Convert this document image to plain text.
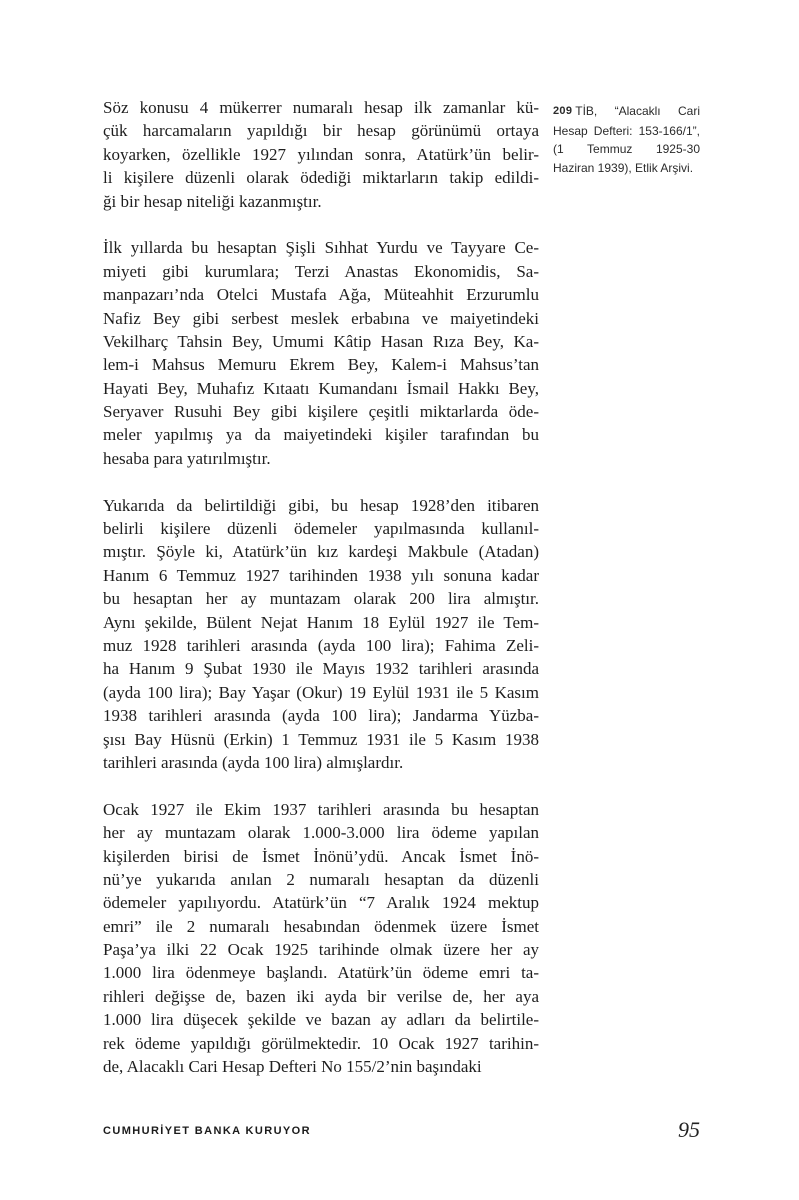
Söz konusu 4 mükerrer numaralı hesap ilk zamanlar kü-
çük harcamaların yapıldığı bir hesap görünümü ortaya
koyarken, özellikle 1927 yılından sonra, Atatürk’ün belir-
li kişilere düzenli olarak ödediği miktarların takip edildi-
ği bir hesap niteliği kazanmıştır.
İlk yıllarda bu hesaptan Şişli Sıhhat Yurdu ve Tayyare Ce-
miyeti gibi kurumlara; Terzi Anastas Ekonomidis, Sa-
manpazarı’nda Otelci Mustafa Ağa, Müteahhit Erzurumlu
Nafiz Bey gibi serbest meslek erbabına ve maiyetindeki
Vekilharç Tahsin Bey, Umumi Kâtip Hasan Rıza Bey, Ka-
lem-i Mahsus Memuru Ekrem Bey, Kalem-i Mahsus’tan
Hayati Bey, Muhafız Kıtaatı Kumandanı İsmail Hakkı Bey,
Seryaver Rusuhi Bey gibi kişilere çeşitli miktarlarda öde-
meler yapılmış ya da maiyetindeki kişiler tarafından bu
hesaba para yatırılmıştır.
Yukarıda da belirtildiği gibi, bu hesap 1928’den itibaren
belirli kişilere düzenli ödemeler yapılmasında kullanıl-
mıştır. Şöyle ki, Atatürk’ün kız kardeşi Makbule (Atadan)
Hanım 6 Temmuz 1927 tarihinden 1938 yılı sonuna kadar
bu hesaptan her ay muntazam olarak 200 lira almıştır.
Aynı şekilde, Bülent Nejat Hanım 18 Eylül 1927 ile Tem-
muz 1928 tarihleri arasında (ayda 100 lira); Fahima Zeli-
ha Hanım 9 Şubat 1930 ile Mayıs 1932 tarihleri arasında
(ayda 100 lira); Bay Yaşar (Okur) 19 Eylül 1931 ile 5 Kasım
1938 tarihleri arasında (ayda 100 lira); Jandarma Yüzba-
şısı Bay Hüsnü (Erkin) 1 Temmuz 1931 ile 5 Kasım 1938
tarihleri arasında (ayda 100 lira) almışlardır.
Ocak 1927 ile Ekim 1937 tarihleri arasında bu hesaptan
her ay muntazam olarak 1.000-3.000 lira ödeme yapılan
kişilerden birisi de İsmet İnönü’ydü. Ancak İsmet İnö-
nü’ye yukarıda anılan 2 numaralı hesaptan da düzenli
ödemeler yapılıyordu. Atatürk’ün “7 Aralık 1924 mektup
emri” ile 2 numaralı hesabından ödenmek üzere İsmet
Paşa’ya ilki 22 Ocak 1925 tarihinde olmak üzere her ay
1.000 lira ödenmeye başlandı. Atatürk’ün ödeme emri ta-
rihleri değişse de, bazen iki ayda bir verilse de, her aya
1.000 lira düşecek şekilde ve bazan ay adları da belirtile-
rek ödeme yapıldığı görülmektedir. 10 Ocak 1927 tarihin-
de, Alacaklı Cari Hesap Defteri No 155/2’nin başındaki

209 TİB, “Alacaklı Cari Hesap Defteri: 153-166/1”, (1 Temmuz 1925-30 Haziran 1939), Etlik Arşivi.

CUMHURİYET BANKA KURUYOR	95
